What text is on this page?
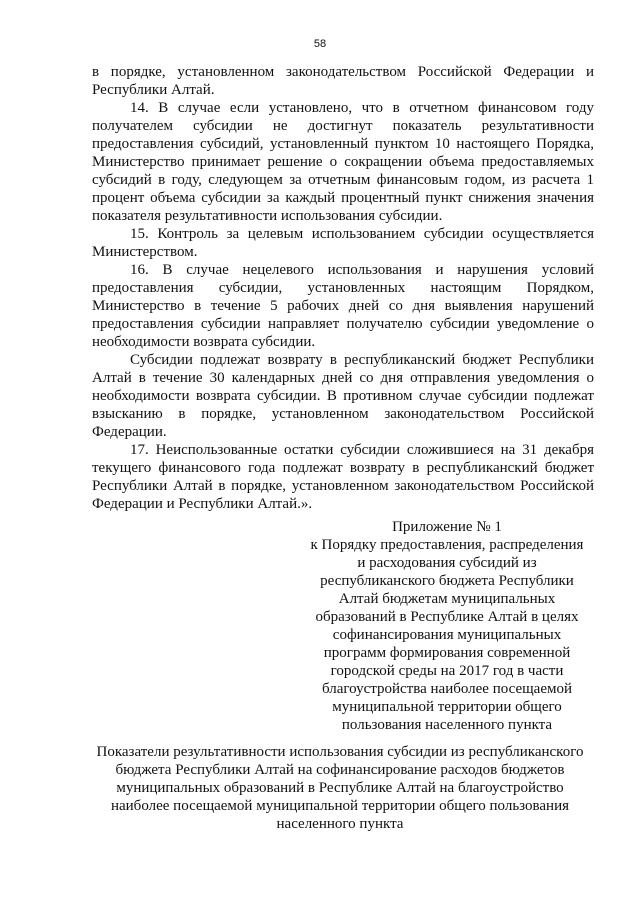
58

в порядке, установленном законодательством Российской Федерации и Республики Алтай.

14. В случае если установлено, что в отчетном финансовом году получателем субсидии не достигнут показатель результативности предоставления субсидий, установленный пунктом 10 настоящего Порядка, Министерство принимает решение о сокращении объема предоставляемых субсидий в году, следующем за отчетным финансовым годом, из расчета 1 процент объема субсидии за каждый процентный пункт снижения значения показателя результативности использования субсидии.

15. Контроль за целевым использованием субсидии осуществляется Министерством.

16. В случае нецелевого использования и нарушения условий предоставления субсидии, установленных настоящим Порядком, Министерство в течение 5 рабочих дней со дня выявления нарушений предоставления субсидии направляет получателю субсидии уведомление о необходимости возврата субсидии.

Субсидии подлежат возврату в республиканский бюджет Республики Алтай в течение 30 календарных дней со дня отправления уведомления о необходимости возврата субсидии. В противном случае субсидии подлежат взысканию в порядке, установленном законодательством Российской Федерации.

17. Неиспользованные остатки субсидии сложившиеся на 31 декабря текущего финансового года подлежат возврату в республиканский бюджет Республики Алтай в порядке, установленном законодательством Российской Федерации и Республики Алтай.».

Приложение № 1

к Порядку предоставления, распределения
и расходования субсидий из
республиканского бюджета Республики
Алтай бюджетам муниципальных
образований в Республике Алтай в целях
софинансирования муниципальных
программ формирования современной
городской среды на 2017 год в части
благоустройства наиболее посещаемой
муниципальной территории общего
пользования населенного пункта

Показатели результативности использования субсидии из республиканского
бюджета Республики Алтай на софинансирование расходов бюджетов
муниципальных образований в Республике Алтай на благоустройство
наиболее посещаемой муниципальной территории общего пользования
населенного пункта
